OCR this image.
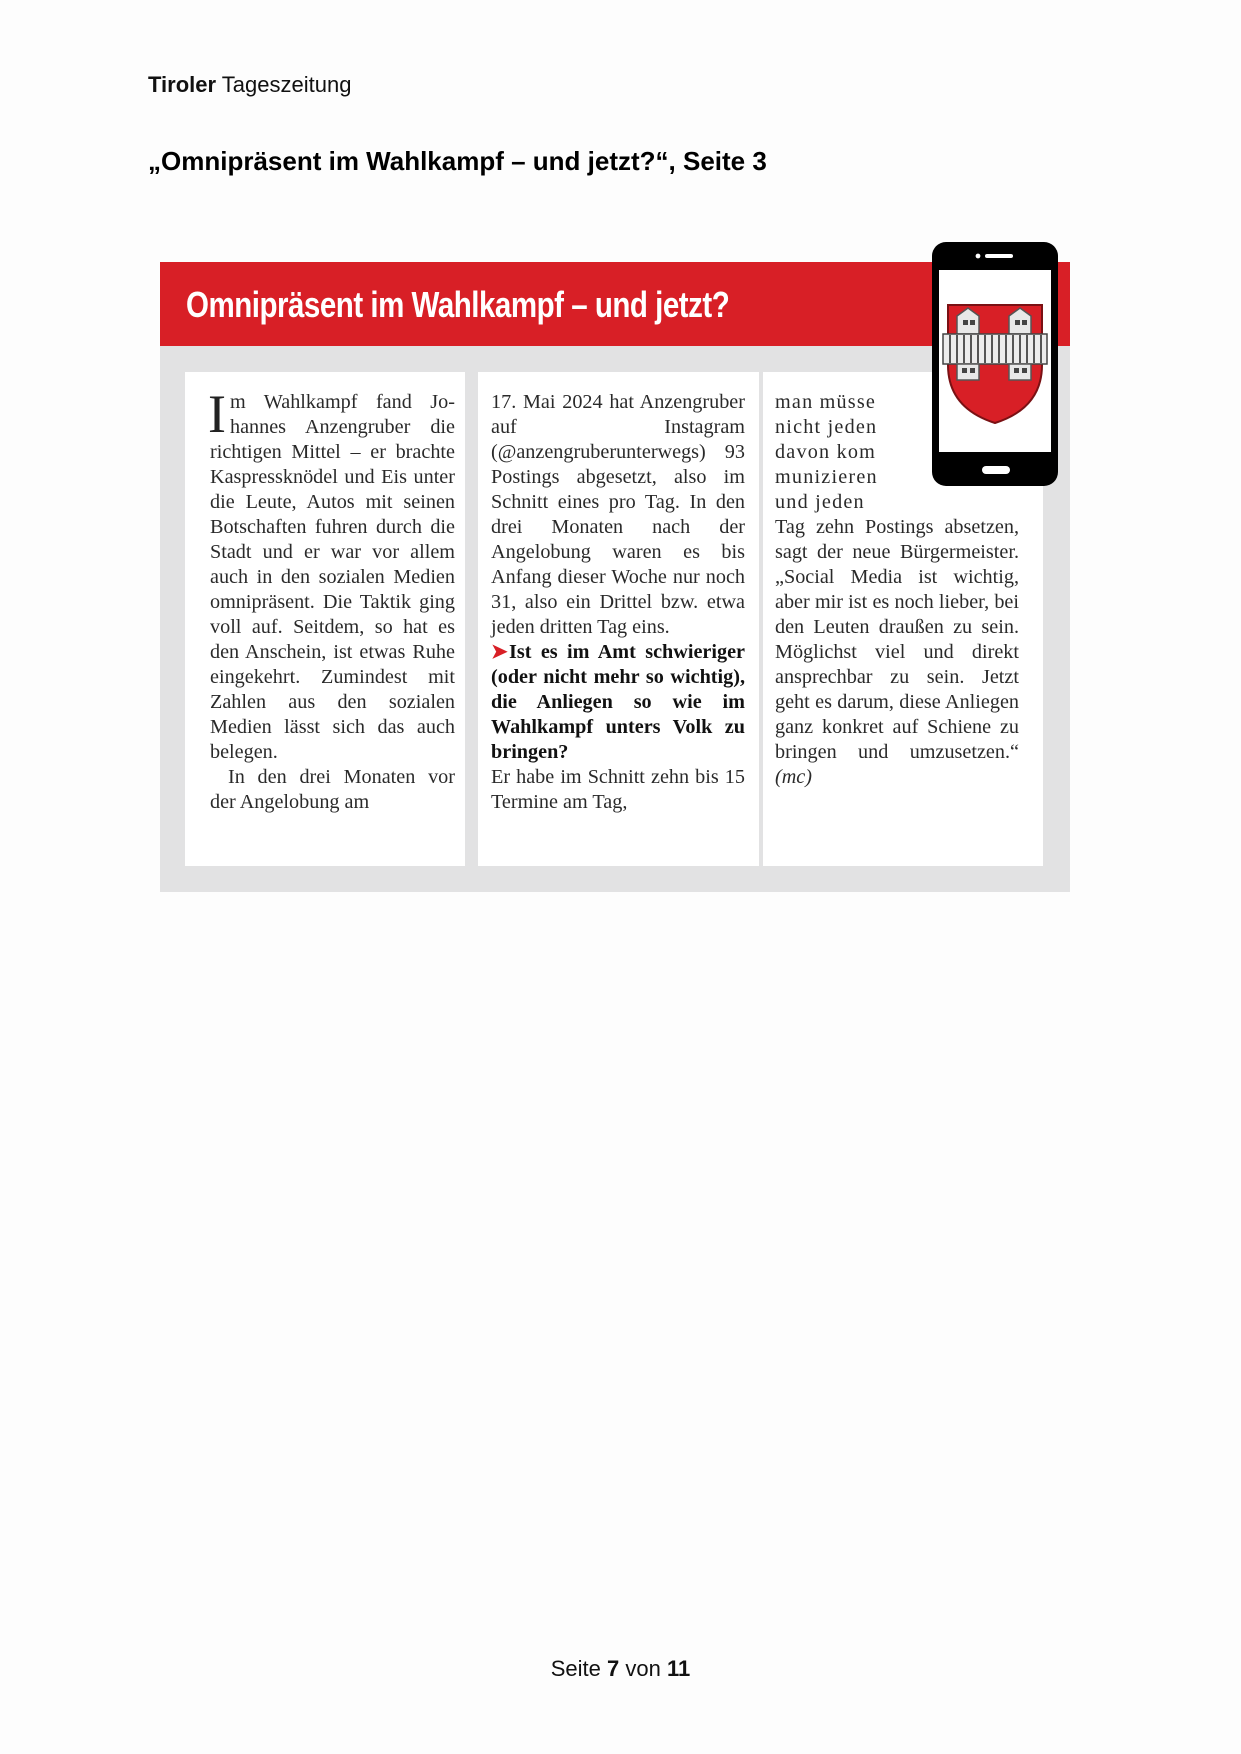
Tiroler Tageszeitung
„Omnipräsent im Wahlkampf – und jetzt?“, Seite 3
Omnipräsent im Wahlkampf – und jetzt?

Im Wahlkampf fand Johannes Anzengruber die richtigen Mittel – er brachte Kaspressknödel und Eis unter die Leute, Autos mit seinen Botschaften fuhren durch die Stadt und er war vor allem auch in den sozialen Medien omnipräsent. Die Taktik ging voll auf. Seitdem, so hat es den Anschein, ist etwas Ruhe eingekehrt. Zumindest mit Zahlen aus den sozialen Medien lässt sich das auch belegen.

In den drei Monaten vor der Angelobung am

17. Mai 2024 hat Anzengruber auf Instagram (@anzengruberunterwegs) 93 Postings abgesetzt, also im Schnitt eines pro Tag. In den drei Monaten nach der Angelobung waren es bis Anfang dieser Woche nur noch 31, also ein Drittel bzw. etwa jeden dritten Tag eins.

➤Ist es im Amt schwieriger (oder nicht mehr so wichtig), die Anliegen so wie im Wahlkampf unters Volk zu bringen?

Er habe im Schnitt zehn bis 15 Termine am Tag,

man müsse

nicht jeden

davon kom

munizieren

und jeden

Tag zehn Postings absetzen, sagt der neue Bürgermeister. „Social Media ist wichtig, aber mir ist es noch lieber, bei den Leuten draußen zu sein. Möglichst viel und direkt ansprechbar zu sein. Jetzt geht es darum, diese Anliegen ganz konkret auf Schiene zu bringen und umzusetzen.“ (mc)

Seite 7 von 11
